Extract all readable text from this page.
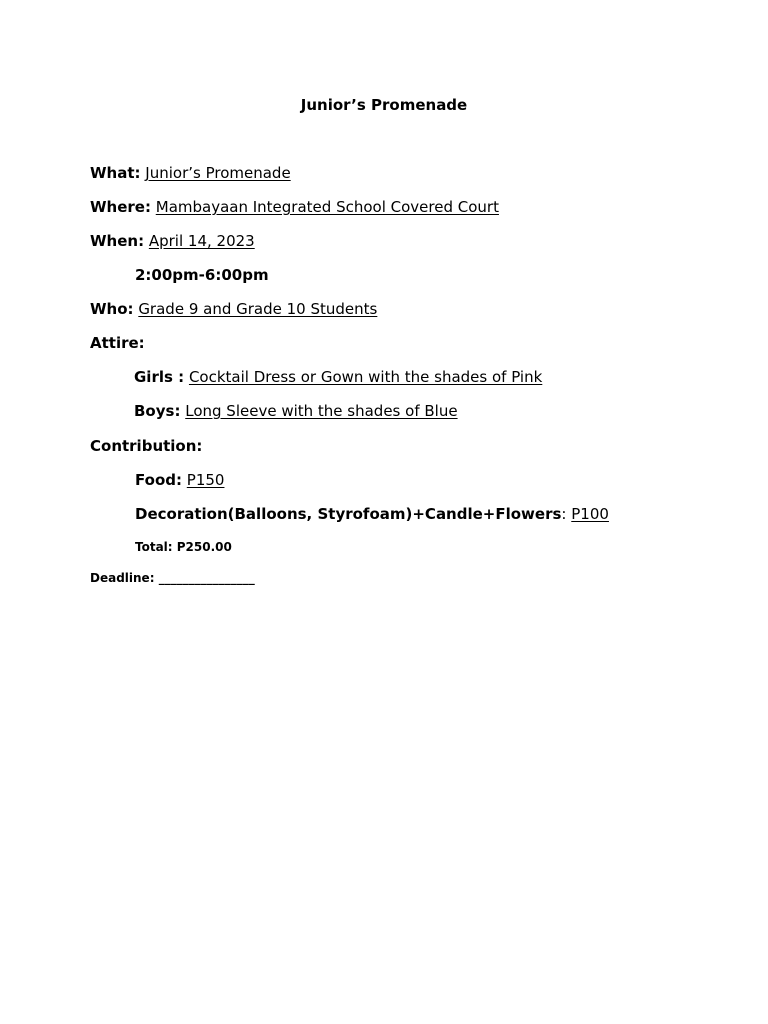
Junior’s Promenade
What: Junior’s Promenade
Where: Mambayaan Integrated School Covered Court
When: April 14, 2023
2:00pm-6:00pm
Who: Grade 9 and Grade 10 Students
Attire:
Girls : Cocktail Dress or Gown with the shades of Pink
Boys: Long Sleeve with the shades of Blue
Contribution:
Food: P150
Decoration(Balloons, Styrofoam)+Candle+Flowers: P100
Total: P250.00
Deadline: ________________
